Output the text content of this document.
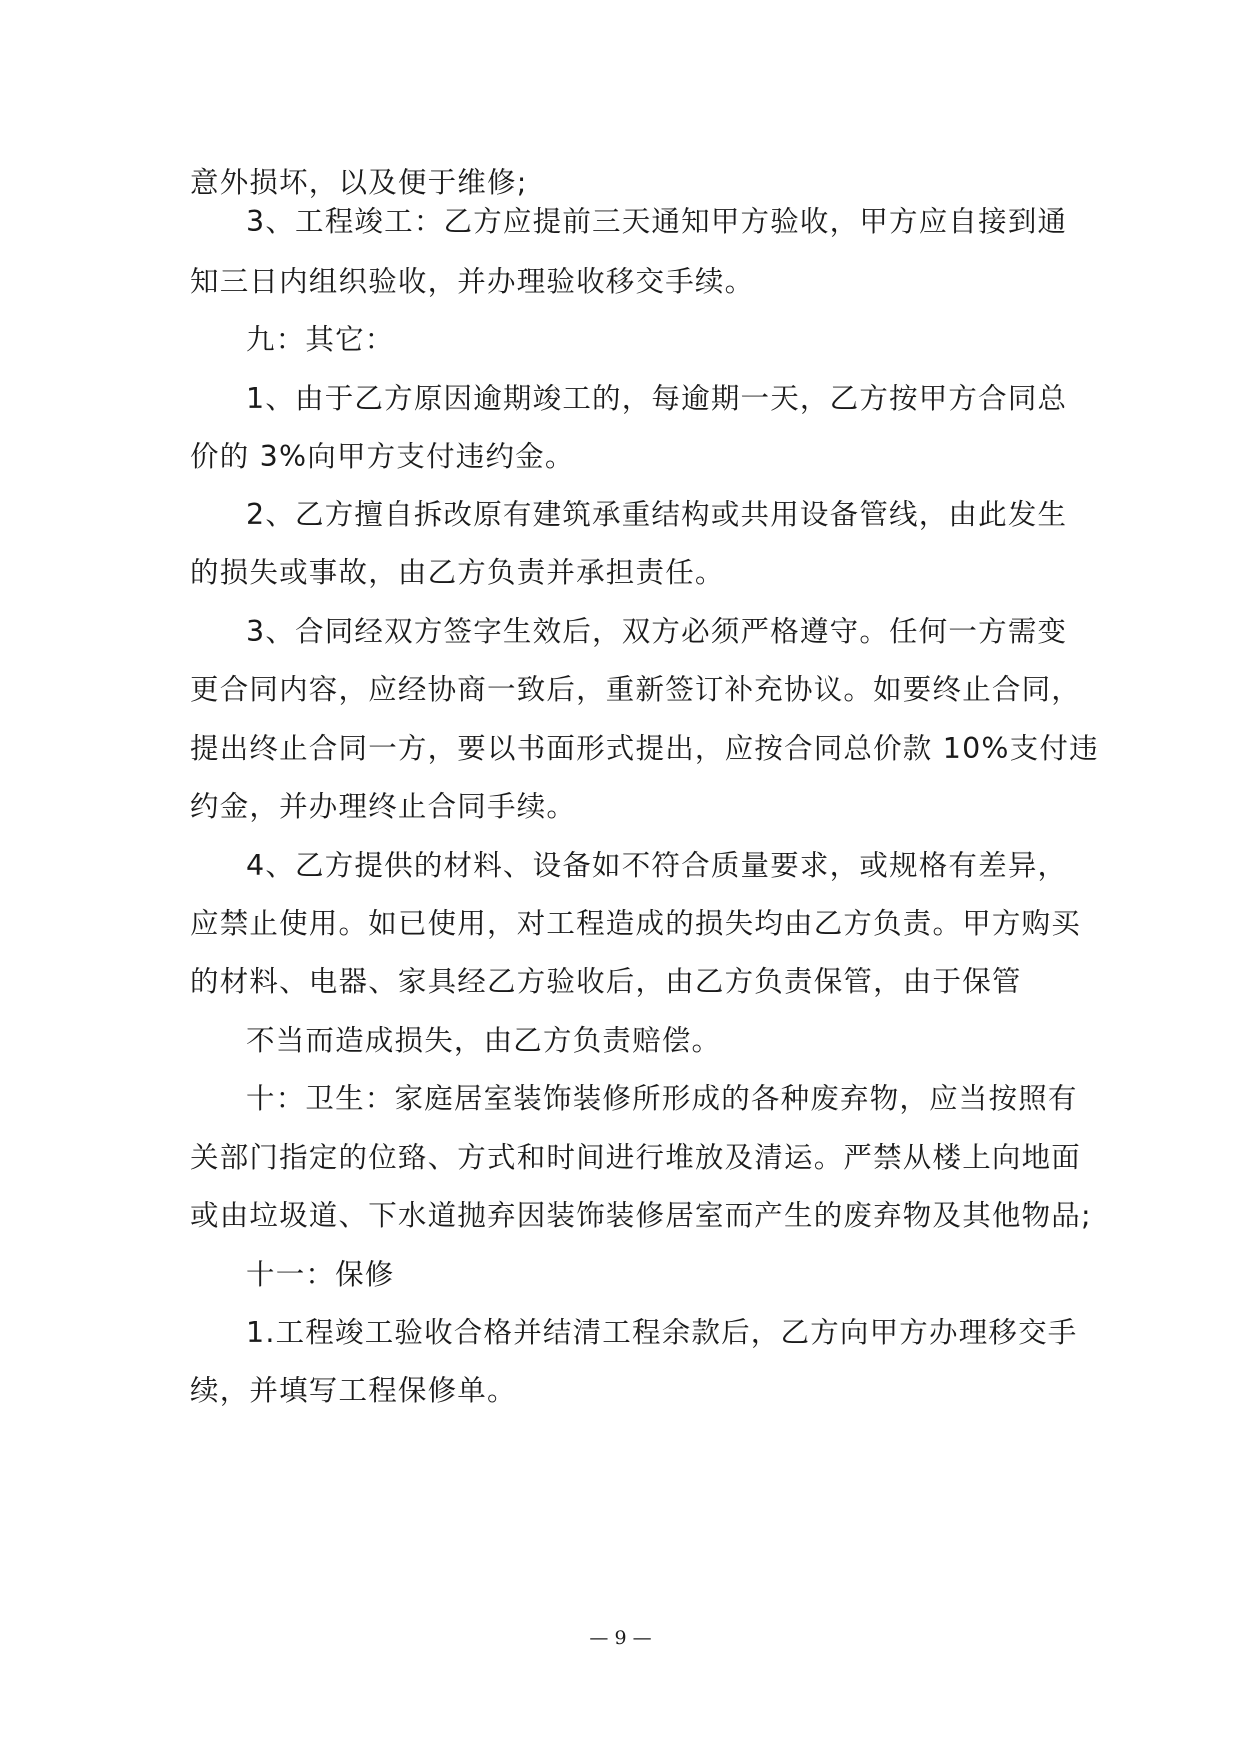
意外损坏，以及便于维修;
3、工程竣工：乙方应提前三天通知甲方验收，甲方应自接到通
知三日内组织验收，并办理验收移交手续。
九：其它：
1、由于乙方原因逾期竣工的，每逾期一天，乙方按甲方合同总
价的 3%向甲方支付违约金。
2、乙方擅自拆改原有建筑承重结构或共用设备管线，由此发生
的损失或事故，由乙方负责并承担责任。
3、合同经双方签字生效后，双方必须严格遵守。任何一方需变
更合同内容，应经协商一致后，重新签订补充协议。如要终止合同，
提出终止合同一方，要以书面形式提出，应按合同总价款 10%支付违
约金，并办理终止合同手续。
4、乙方提供的材料、设备如不符合质量要求，或规格有差异，
应禁止使用。如已使用，对工程造成的损失均由乙方负责。甲方购买
的材料、电器、家具经乙方验收后，由乙方负责保管，由于保管
不当而造成损失，由乙方负责赔偿。
十：卫生：家庭居室装饰装修所形成的各种废弃物，应当按照有
关部门指定的位臵、方式和时间进行堆放及清运。严禁从楼上向地面
或由垃圾道、下水道抛弃因装饰装修居室而产生的废弃物及其他物品;
十一：保修
1.工程竣工验收合格并结清工程余款后，乙方向甲方办理移交手
续，并填写工程保修单。
— 9 —
